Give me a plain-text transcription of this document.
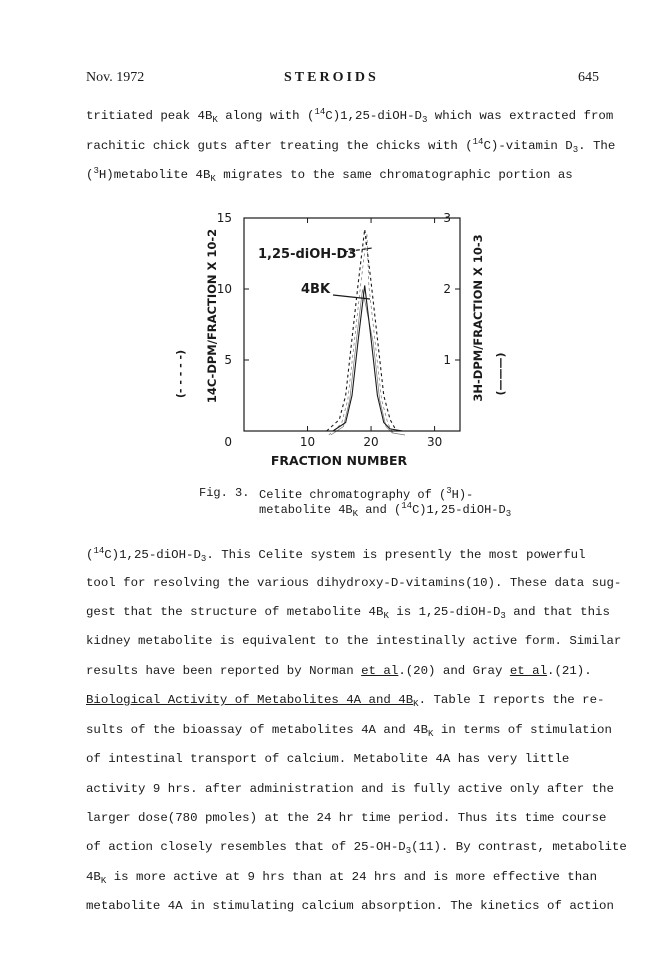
Nov. 1972	STEROIDS	645
tritiated peak $4B_K$ along with $(^{14}C)1,25-diOH-D_3$ which was extracted from
rachitic chick guts after treating the chicks with ($^{14}$C)-vitamin $D_3$. The
($^3$H)metabolite $4B_K$ migrates to the same chromatographic portion as
10	20	30
0
5
10
15
1
2
3
1,25-diOH-D3
4BK
14C-DPM/FRACTION X 10-2
(- - - - -)	3H-DPM/FRACTION X 10-3 (———)
FRACTION NUMBER
Fig. 3. Celite chromatography of ($^3$H)-
metabolite $4B_K$ and $(^{14}C)1,25-diOH-D_3$
$(^{14}C)1,25-diOH-D_3$. This Celite system is presently the most powerful
tool for resolving the various dihydroxy-D-vitamins(10). These data sug-
gest that the structure of metabolite $4B_K$ is $1,25-diOH-D_3$ and that this
kidney metabolite is equivalent to the intestinally active form. Similar
results have been reported by Norman et al.(20) and Gray et al.(21).
Biological Activity of Metabolites 4A and $4B_K$. Table I reports the re-
sults of the bioassay of metabolites 4A and $4B_K$ in terms of stimulation
of intestinal transport of calcium. Metabolite 4A has very little
activity 9 hrs. after administration and is fully active only after the
larger dose(780 pmoles) at the 24 hr time period. Thus its time course
of action closely resembles that of $25-OH-D_3(11)$. By contrast, metabolite
$4B_K$ is more active at 9 hrs than at 24 hrs and is more effective than
metabolite 4A in stimulating calcium absorption. The kinetics of action
